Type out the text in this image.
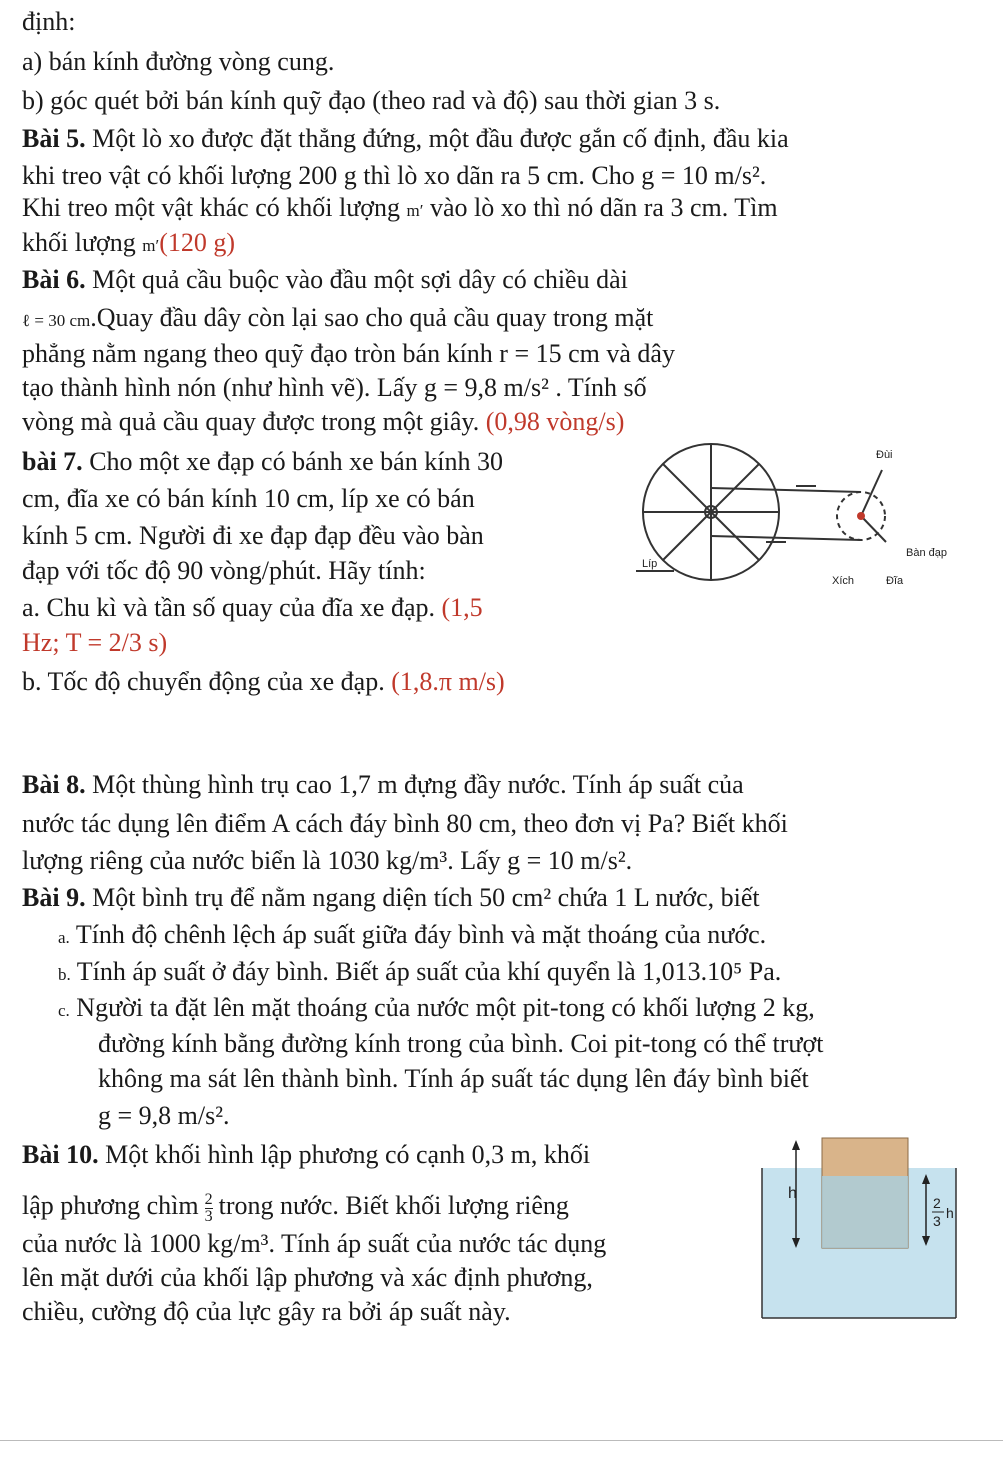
định:
a) bán kính đường vòng cung.
b) góc quét bởi bán kính quỹ đạo (theo rad và độ) sau thời gian 3 s.
Bài 5. Một lò xo được đặt thẳng đứng, một đầu được gắn cố định, đầu kia
khi treo vật có khối lượng 200 g thì lò xo dãn ra 5 cm. Cho g = 10 m/s².
Khi treo một vật khác có khối lượng m′ vào lò xo thì nó dãn ra 3 cm. Tìm
khối lượng m′(120 g)
Bài 6. Một quả cầu buộc vào đầu một sợi dây có chiều dài
ℓ = 30 cm.Quay đầu dây còn lại sao cho quả cầu quay trong mặt
phẳng nằm ngang theo quỹ đạo tròn bán kính r = 15 cm và dây
tạo thành hình nón (như hình vẽ). Lấy g = 9,8 m/s² . Tính số
vòng mà quả cầu quay được trong một giây. (0,98 vòng/s)
bài 7. Cho một xe đạp có bánh xe bán kính 30
cm, đĩa xe có bán kính 10 cm, líp xe có bán
kính 5 cm. Người đi xe đạp đạp đều vào bàn
đạp với tốc độ 90 vòng/phút. Hãy tính:
a. Chu kì và tần số quay của đĩa xe đạp. (1,5
Hz; T = 2/3 s)
b. Tốc độ chuyển động của xe đạp. (1,8.π m/s)
Bài 8. Một thùng hình trụ cao 1,7 m đựng đầy nước. Tính áp suất của
nước tác dụng lên điểm A cách đáy bình 80 cm, theo đơn vị Pa? Biết khối
lượng riêng của nước biển là 1030 kg/m³. Lấy g = 10 m/s².
Bài 9. Một bình trụ để nằm ngang diện tích 50 cm² chứa 1 L nước, biết
a. Tính độ chênh lệch áp suất giữa đáy bình và mặt thoáng của nước.
b. Tính áp suất ở đáy bình. Biết áp suất của khí quyển là 1,013.10⁵ Pa.
c. Người ta đặt lên mặt thoáng của nước một pit-tong có khối lượng 2 kg,
đường kính bằng đường kính trong của bình. Coi pit-tong có thể trượt
không ma sát lên thành bình. Tính áp suất tác dụng lên đáy bình biết
g = 9,8 m/s².
Bài 10. Một khối hình lập phương có cạnh 0,3 m, khối
lập phương chìm $\frac{2}{3}$ trong nước. Biết khối lượng riêng
của nước là 1000 kg/m³. Tính áp suất của nước tác dụng
lên mặt dưới của khối lập phương và xác định phương,
chiều, cường độ của lực gây ra bởi áp suất này.
Đùi
Bàn đạp
Líp
Xích	Đĩa
h
2
3 h
